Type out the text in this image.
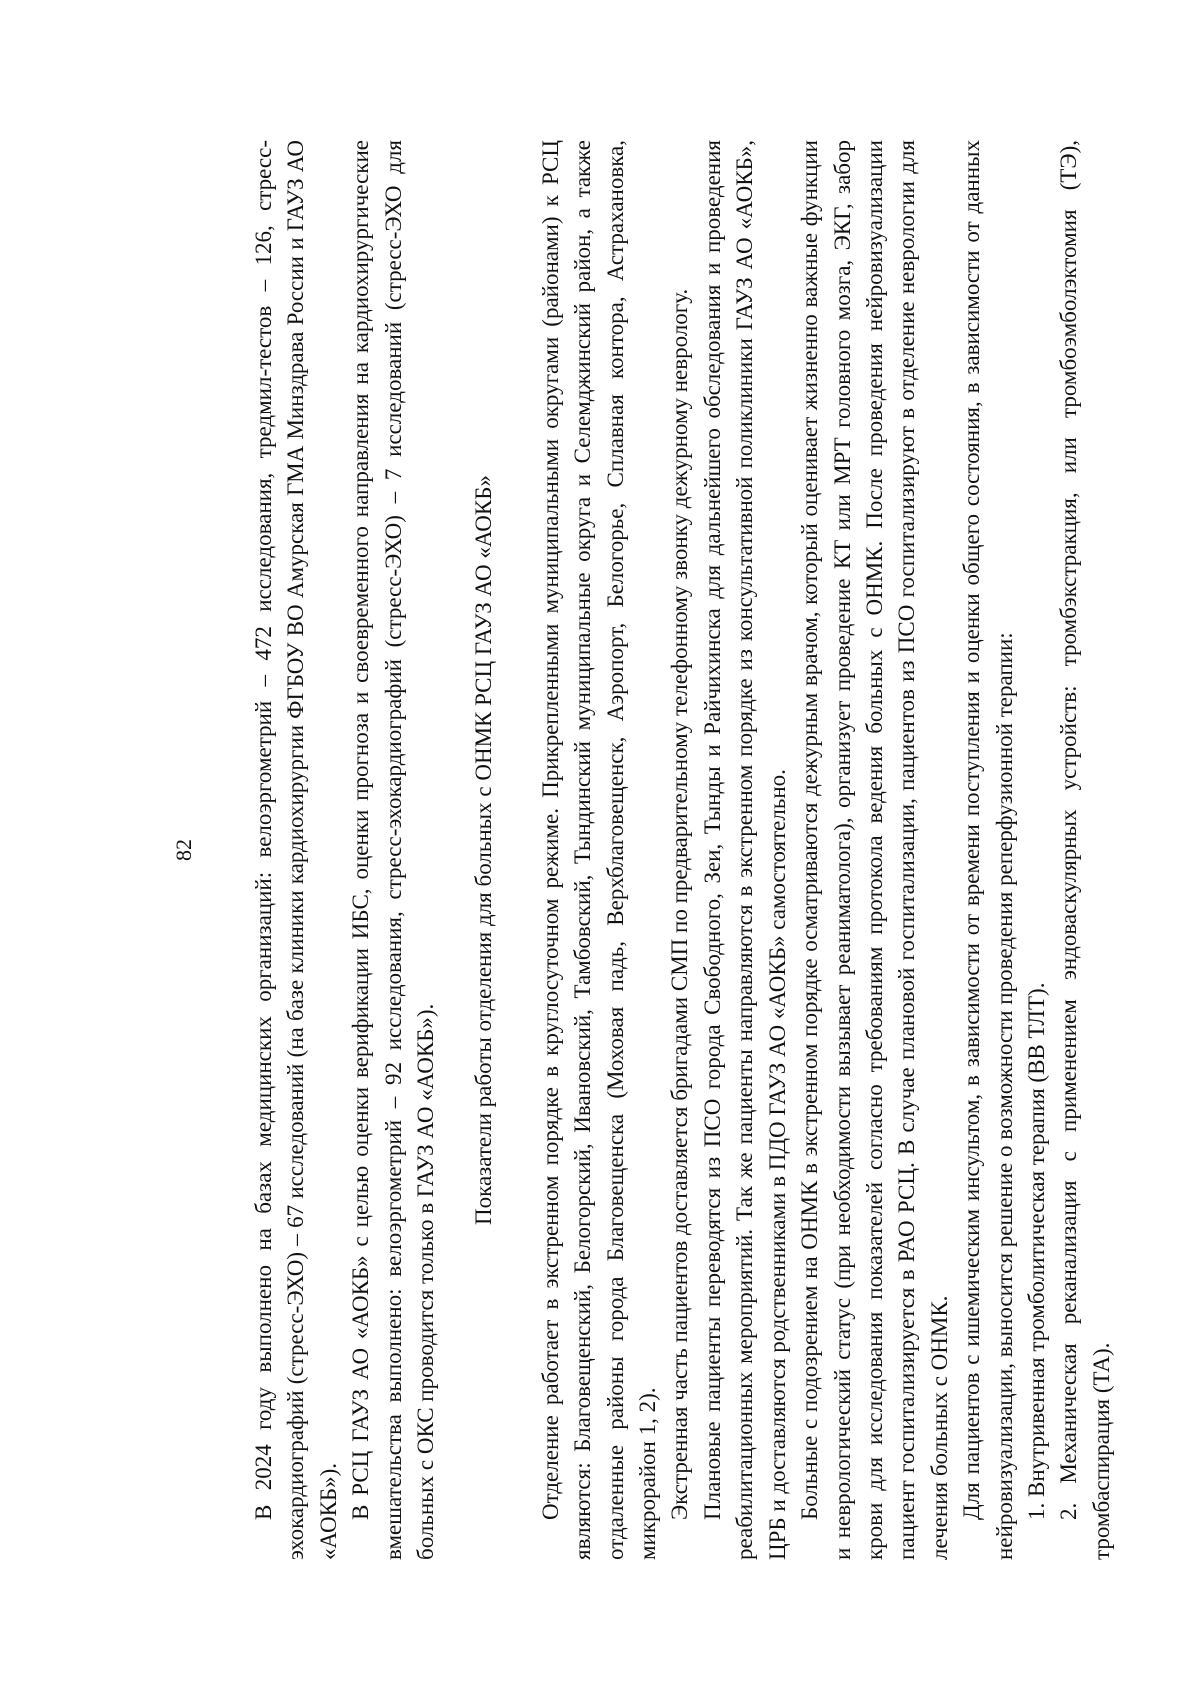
82 В 2024 году выполнено на базах медицинских организаций: велоэргометрий – 472 исследования, тредмил-тестов – 126, стресс-эхокардиографий (стресс-ЭХО) – 67 исследований (на базе клиники кардиохирургии ФГБОУ ВО Амурская ГМА Минздрава России и ГАУЗ АО «АОКБ»). В РСЦ ГАУЗ АО «АОКБ» с целью оценки верификации ИБС, оценки прогноза и своевременного направления на кардиохирургические вмешательства выполнено: велоэргометрий – 92 исследования, стресс-эхокардиографий (стресс-ЭХО) – 7 исследований (стресс-ЭХО для больных с ОКС проводится только в ГАУЗ АО «АОКБ»).

Показатели работы отделения для больных с ОНМК РСЦ ГАУЗ АО «АОКБ» Отделение работает в экстренном порядке в круглосуточном режиме. Прикрепленными муниципальными округами (районами) к РСЦ являются: Благовещенский, Белогорский, Ивановский, Тамбовский, Тындинский муниципальные округа и Селемджинский район, а также отдаленные районы города Благовещенска (Моховая падь, Верхблаговещенск, Аэропорт, Белогорье, Сплавная контора, Астрахановка, микрорайон 1, 2). Экстренная часть пациентов доставляется бригадами СМП по предварительному телефонному звонку дежурному неврологу. Плановые пациенты переводятся из ПСО города Свободного, Зеи, Тынды и Райчихинска для дальнейшего обследования и проведения реабилитационных мероприятий. Так же пациенты направляются в экстренном порядке из консультативной поликлиники ГАУЗ АО «АОКБ», ЦРБ и доставляются родственниками в ПДО ГАУЗ АО «АОКБ» самостоятельно. Больные с подозрением на ОНМК в экстренном порядке осматриваются дежурным врачом, который оценивает жизненно важные функции и неврологический статус (при необходимости вызывает реаниматолога), организует проведение КТ или МРТ головного мозга, ЭКГ, забор крови для исследования показателей согласно требованиям протокола ведения больных с ОНМК. После проведения нейровизуализации пациент госпитализируется в РАО РСЦ. В случае плановой госпитализации, пациентов из ПСО госпитализируют в отделение неврологии для лечения больных с ОНМК. Для пациентов с ишемическим инсультом, в зависимости от времени поступления и оценки общего состояния, в зависимости от данных нейровизуализации, выносится решение о возможности проведения реперфузионной терапии: 1. Внутривенная тромболитическая терапия (ВВ ТЛТ). 2. Механическая реканализация с применением эндоваскулярных устройств: тромбэкстракция, или тромбоэмболэктомия (ТЭ), тромбаспирация (ТА).
